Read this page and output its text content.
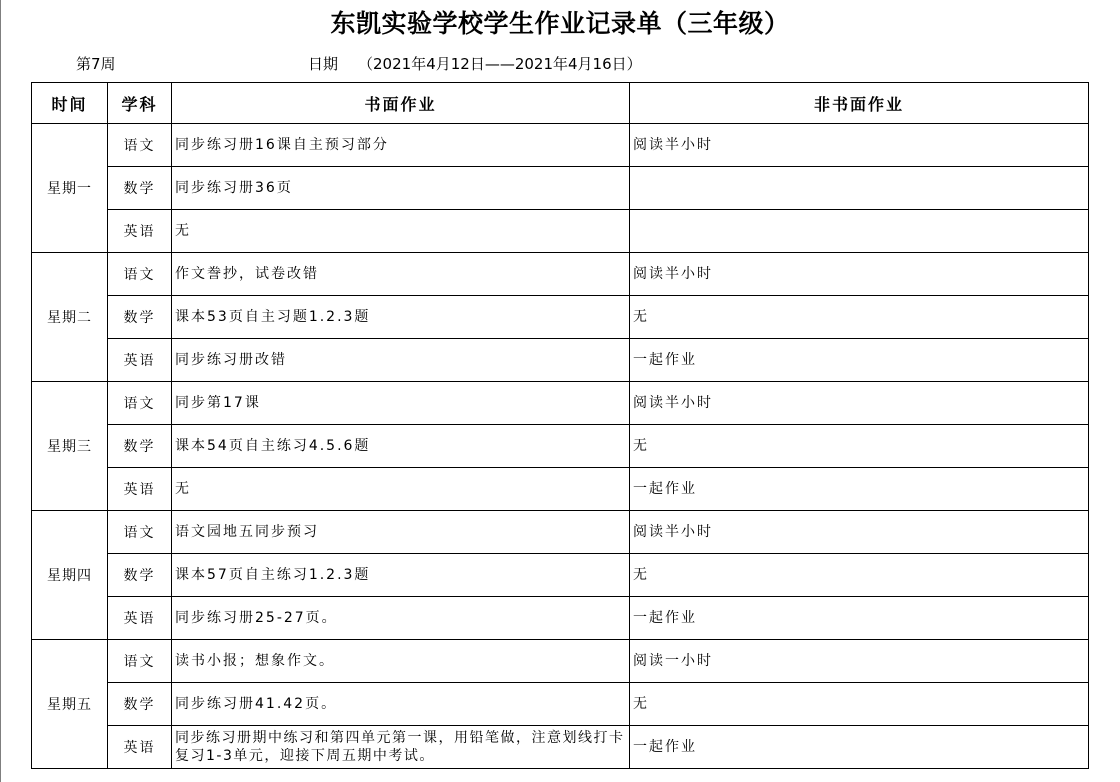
东凯实验学校学生作业记录单（三年级）
第7周	日期 （2021年4月12日——2021年4月16日）
时间	学科	书面作业	非书面作业
星期一	语文	同步练习册16课自主预习部分	阅读半小时
	数学	同步练习册36页	
	英语	无	
星期二	语文	作文誊抄，试卷改错	阅读半小时
	数学	课本53页自主习题1.2.3题	无
	英语	同步练习册改错	一起作业
星期三	语文	同步第17课	阅读半小时
	数学	课本54页自主练习4.5.6题	无
	英语	无	一起作业
星期四	语文	语文园地五同步预习	阅读半小时
	数学	课本57页自主练习1.2.3题	无
	英语	同步练习册25-27页。	一起作业
星期五	语文	读书小报；想象作文。	阅读一小时
	数学	同步练习册41.42页。	无
	英语	同步练习册期中练习和第四单元第一课，用铅笔做，注意划线打卡复习1-3单元，迎接下周五期中考试。	一起作业
